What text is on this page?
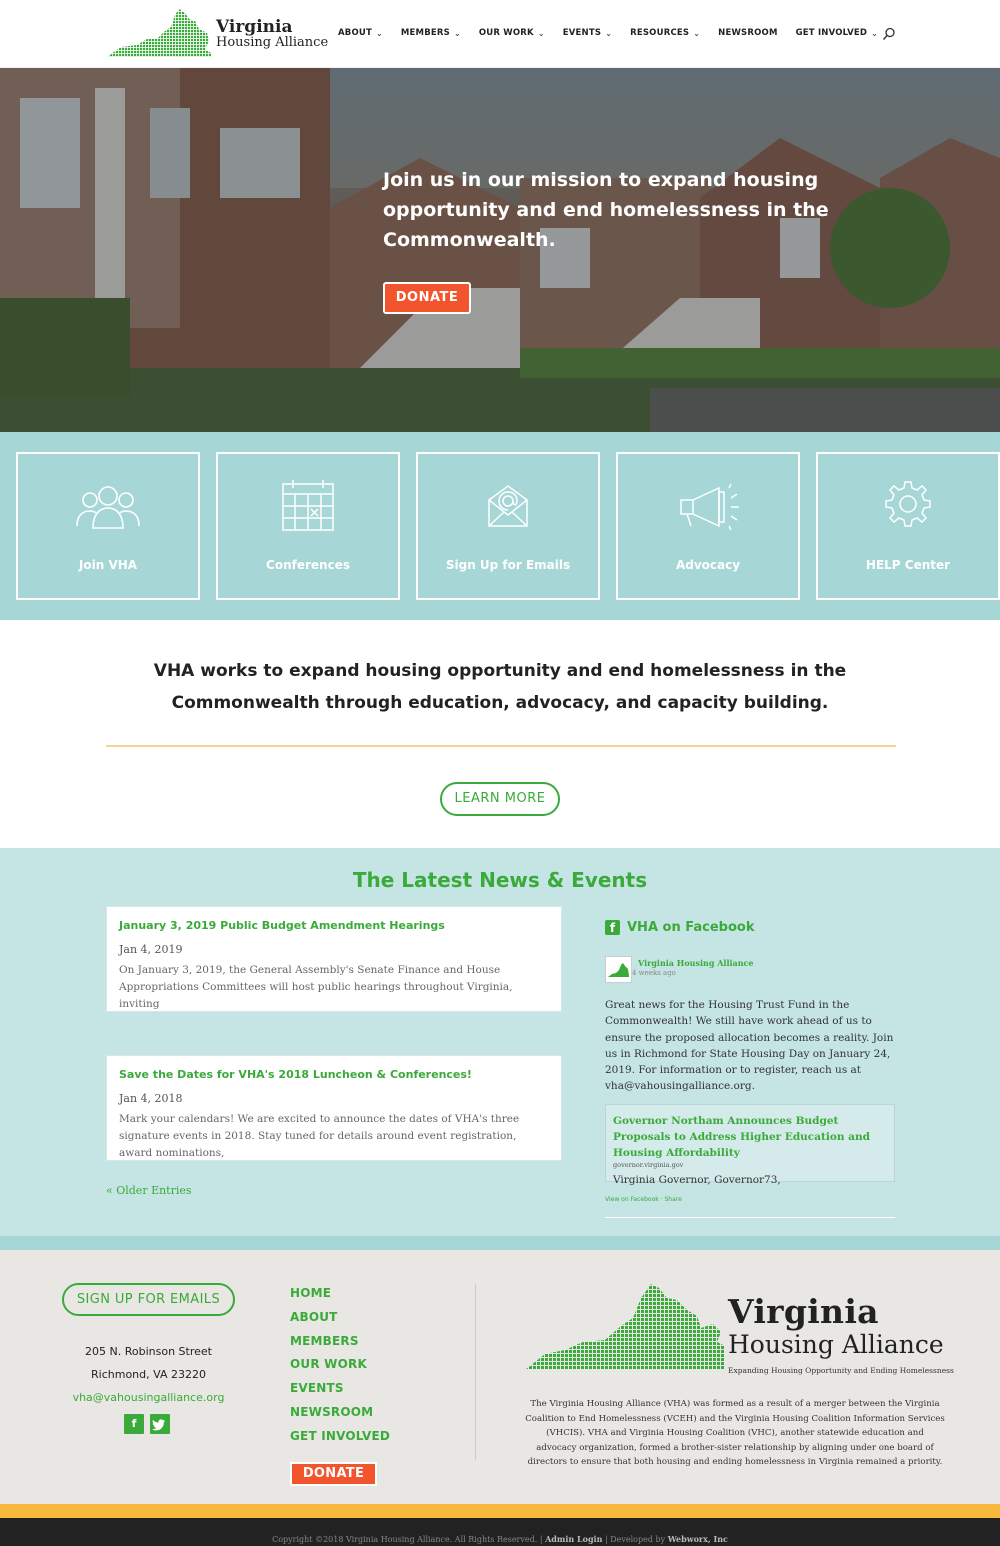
Virginia
Housing Alliance
ABOUT ⌄ MEMBERS ⌄ OUR WORK ⌄ EVENTS ⌄ RESOURCES ⌄ NEWSROOM GET INVOLVED ⌄
Join us in our mission to expand housing opportunity and end homelessness in the Commonwealth.
DONATE
Join VHA	Conferences	Sign Up for Emails	Advocacy	HELP Center
VHA works to expand housing opportunity and end homelessness in the Commonwealth through education, advocacy, and capacity building.
LEARN MORE
The Latest News & Events
January 3, 2019 Public Budget Amendment Hearings
Jan 4, 2019
On January 3, 2019, the General Assembly's Senate Finance and House Appropriations Committees will host public hearings throughout Virginia, inviting
Save the Dates for VHA's 2018 Luncheon & Conferences!
Jan 4, 2018
Mark your calendars! We are excited to announce the dates of VHA's three signature events in 2018. Stay tuned for details around event registration, award nominations,
« Older Entries
f VHA on Facebook
Virginia Housing Alliance
4 weeks ago
Great news for the Housing Trust Fund in the Commonwealth! We still have work ahead of us to ensure the proposed allocation becomes a reality. Join us in Richmond for State Housing Day on January 24, 2019. For information or to register, reach us at vha@vahousingalliance.org.
Governor Northam Announces Budget Proposals to Address Higher Education and Housing Affordability
governor.virginia.gov
Virginia Governor, Governor73,
View on Facebook · Share
SIGN UP FOR EMAILS
205 N. Robinson Street
Richmond, VA 23220
vha@vahousingalliance.org
f
HOME
ABOUT
MEMBERS
OUR WORK
EVENTS
NEWSROOM
GET INVOLVED
DONATE
Virginia
Housing Alliance
Expanding Housing Opportunity and Ending Homelessness
The Virginia Housing Alliance (VHA) was formed as a result of a merger between the Virginia Coalition to End Homelessness (VCEH) and the Virginia Housing Coalition Information Services (VHCIS). VHA and Virginia Housing Coalition (VHC), another statewide education and advocacy organization, formed a brother-sister relationship by aligning under one board of directors to ensure that both housing and ending homelessness in Virginia remained a priority.
Copyright ©2018 Virginia Housing Alliance. All Rights Reserved. | Admin Login | Developed by Webworx, Inc
